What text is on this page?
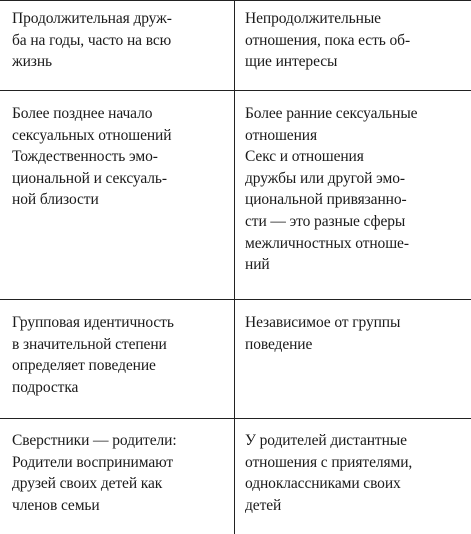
Продолжительная друж-
ба на годы, часто на всю
жизнь
Непродолжительные
отношения, пока есть об-
щие интересы
Более позднее начало
сексуальных отношений
Тождественность эмо-
циональной и сексуаль-
ной близости
Более ранние сексуальные
отношения
Секс и отношения
дружбы или другой эмо-
циональной привязанно-
сти — это разные сферы
межличностных отноше-
ний
Групповая идентичность
в значительной степени
определяет поведение
подростка
Независимое от группы
поведение
Сверстники — родители:
Родители воспринимают
друзей своих детей как
членов семьи
У родителей дистантные
отношения с приятелями,
одноклассниками своих
детей
